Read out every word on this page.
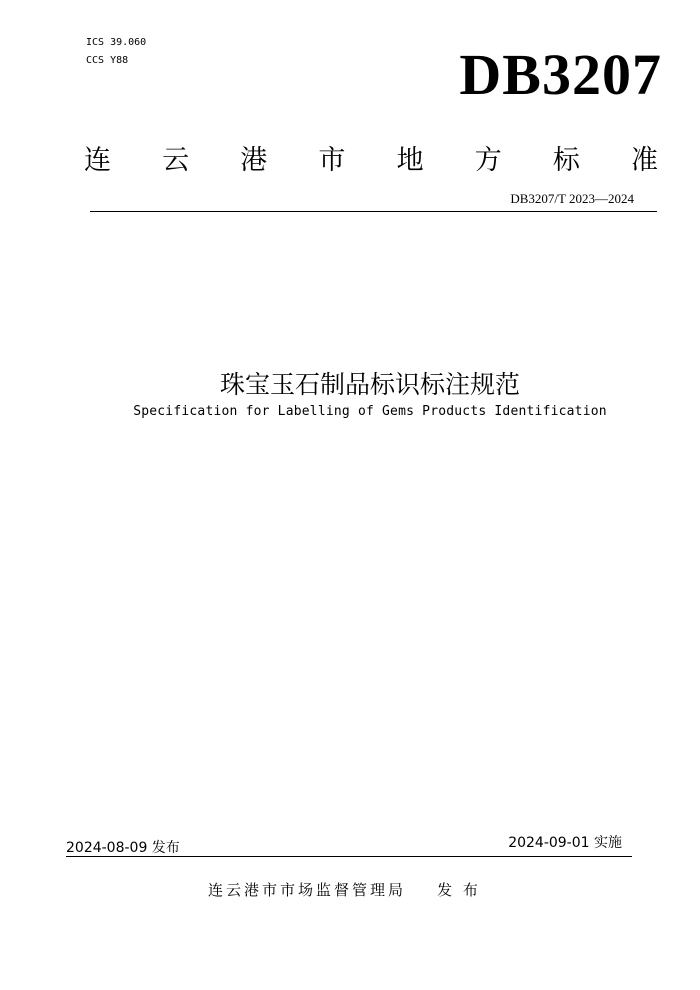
ICS 39.060
CCS Y88	DB3207
连 云 港 市 地 方 标 准
DB3207/T 2023—2024
珠宝玉石制品标识标注规范
Specification for Labelling of Gems Products Identification
2024-08-09 发布	2024-09-01 实施
连云港市市场监督管理局    发 布
